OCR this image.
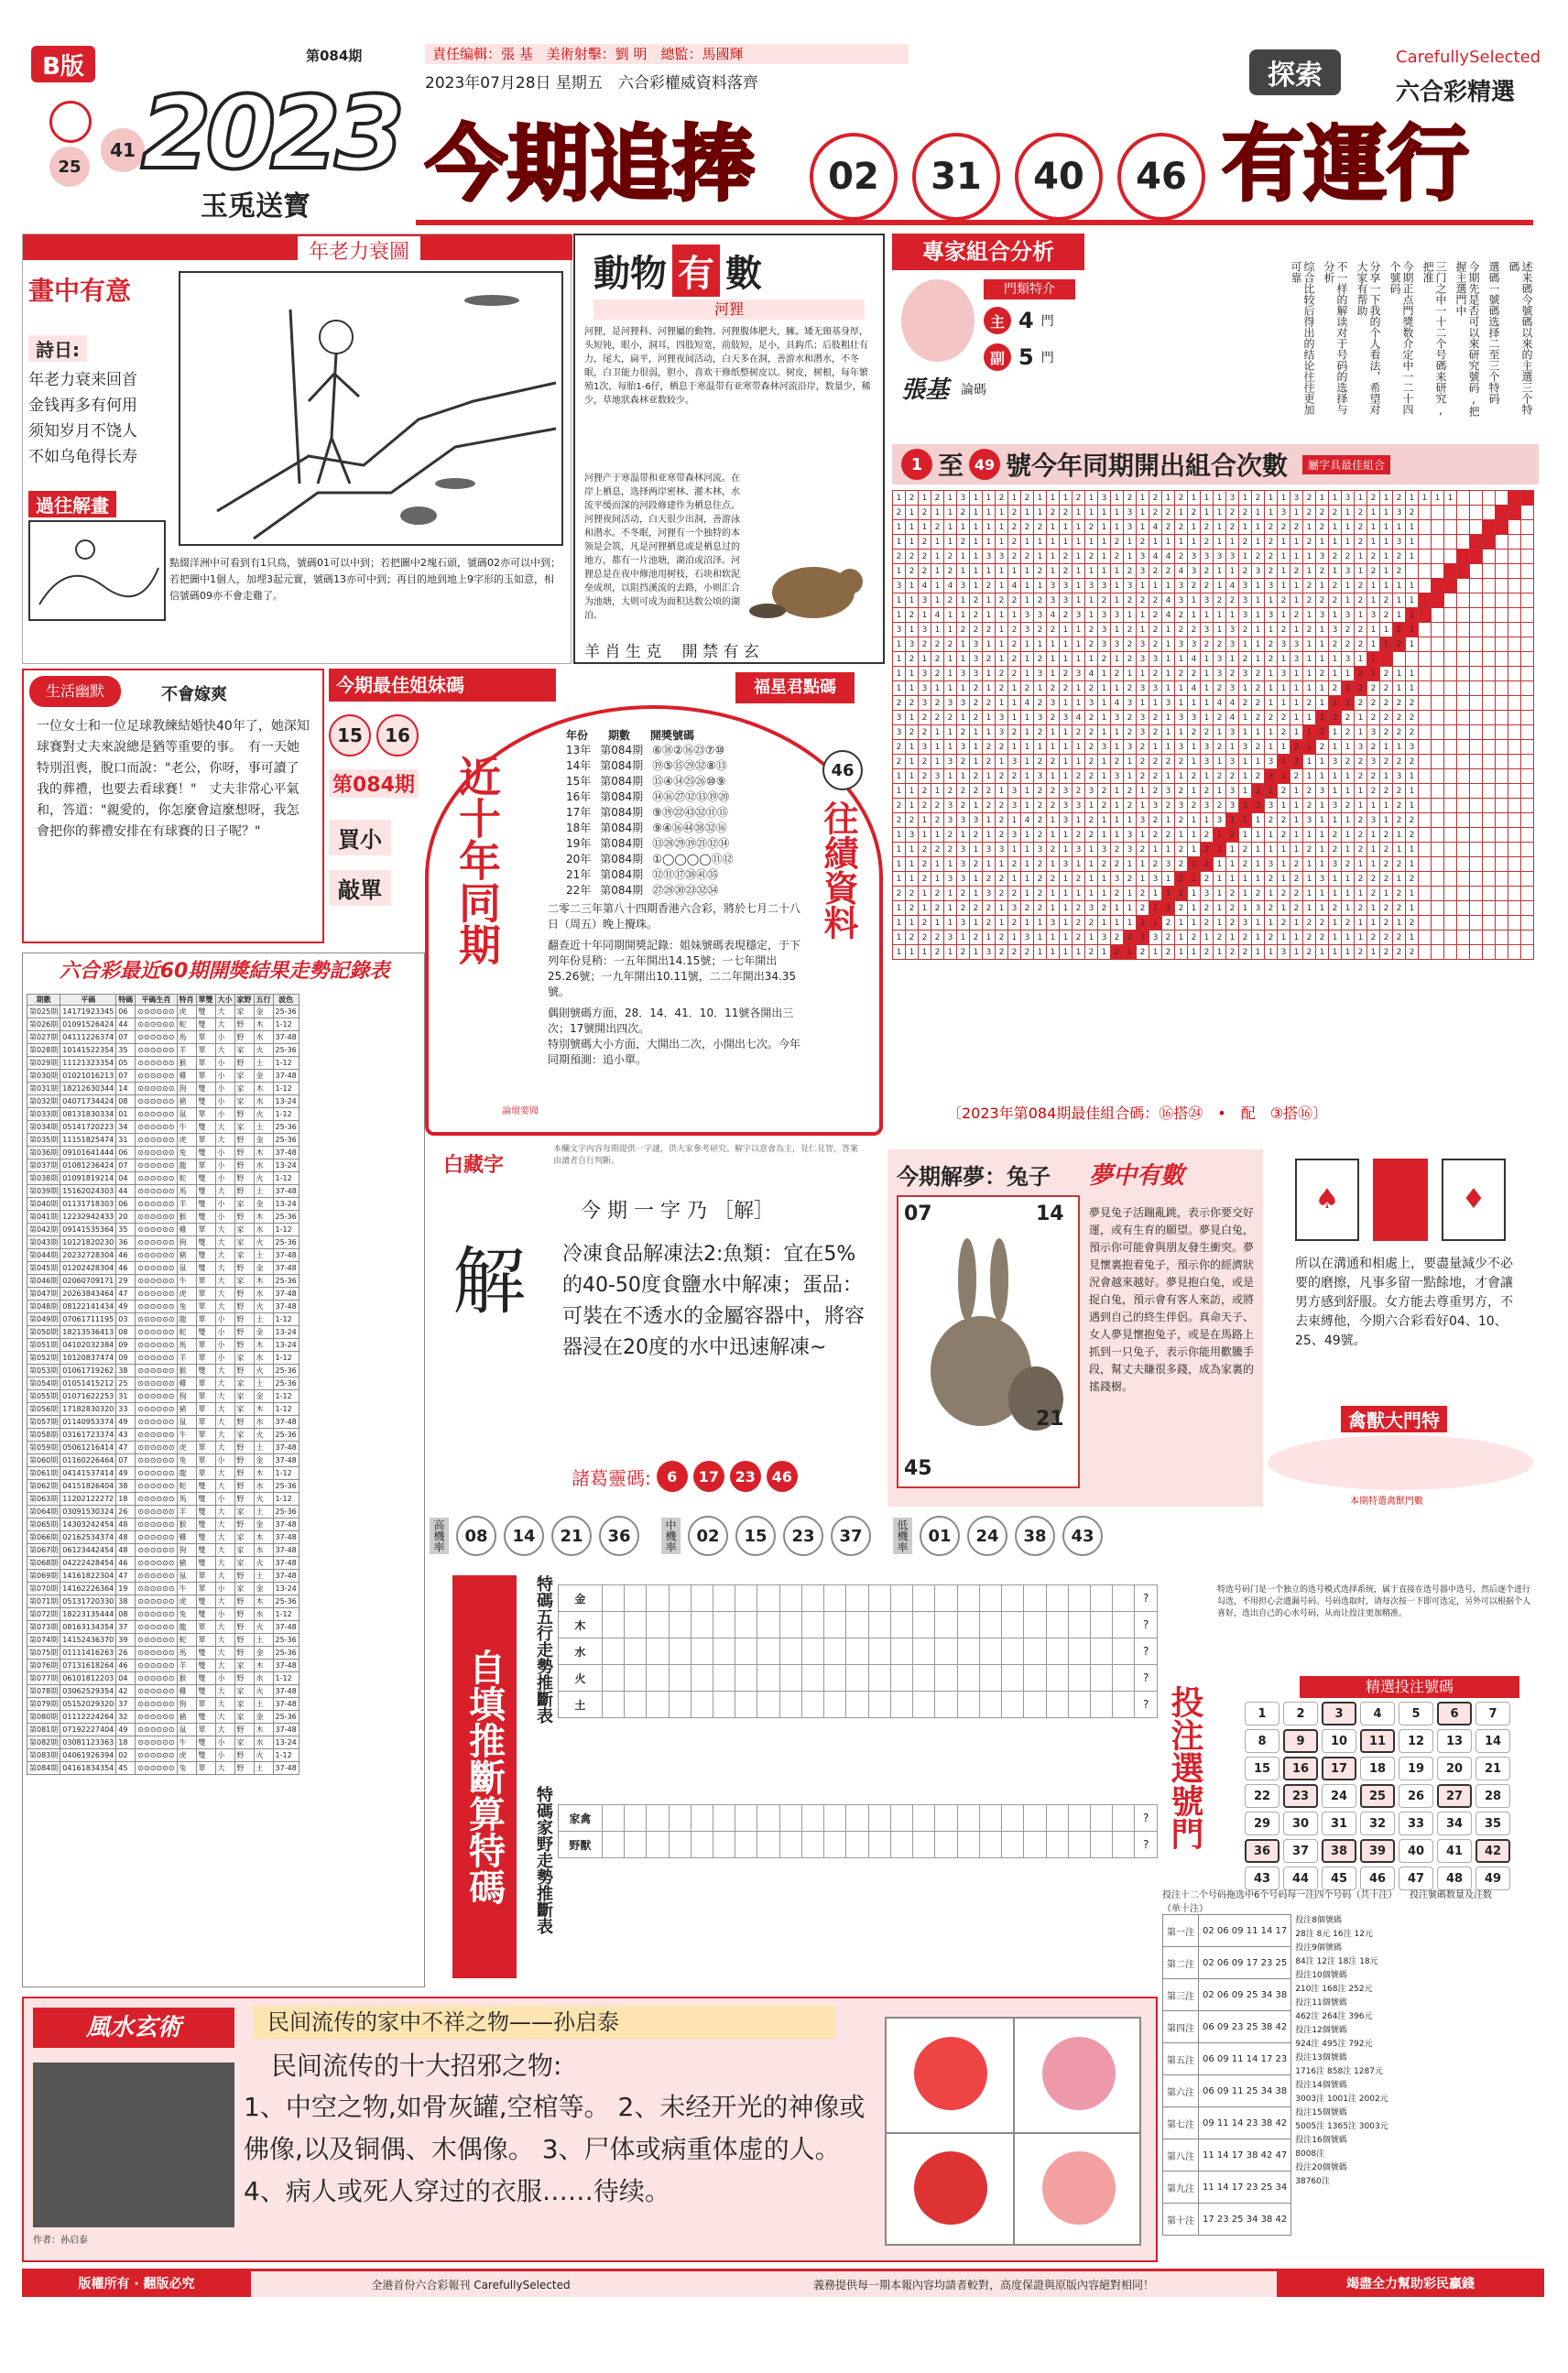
B版	第084期	責任编輯：張 基　美術射擊：劉 明　總監：馬國輝
2023年07月28日 星期五　六合彩權威資料落齊
25
41 2023
玉兎送寳 今期追捧	02	31	40	46 有運行
CarefullySelected
探索
六合彩精選
年老力衰圖
畫中有意
詩日:
年老力衰来回首
金钱再多有何用
须知岁月不饶人
不如乌龟得长寿
過往解畫
點綴洋洲中可看到有1只鳥，號碼01可以中到；若把圖中2塊石頭，號碼02亦可以中到；若把圖中1個人，加埋3起元實，號碼13亦可中到；再目的地到地上9字形的玉如意，相信號碼09亦不會走雞了。
動物 有 數
河狸
河狸，是河狸科、河狸屬的動物。河狸腹体肥大，臃、矮无頸基身厚，头短钝，眼小，洞耳，四肢短宽，前肢短，足小，具鈎爪；后肢粗壮有力，尾大，扁平，河狸夜间活动，白天多在洞，善游水和潜水，不冬眠，白卫能力很弱，胆小，喜欢干修纸整树皮以。树皮，树根，每年繁殖1次，每胎1-6仔，栖息于寒温带有亚寒带森林河流沿岸，数量少，稀少，草地狀森林亚数较少。
河狸产于寒温带和亚寒带森林河流。在岸上栖息，选择两岸密林、灌木林，水流平缓而深的河段修建作为栖息住点。河狸夜间活动，白天很少出洞，善游泳和潜水。不冬眠，河狸有一个独特的本领是会筑，凡是河狸栖息或是栖息过的地方，都有一片池塘，湖泊或沼泽。河狸总是在夜中修池用树枝，石块和软泥垒成坝，以阻挡溪流的去路，小则汇合为池塘，大则可成为面积达数公顷的湖泊。
羊 肖 生 克　 開 禁 有 玄
專家組合分析
張基 論碼
門類特介
主 4 門
副 5 門	述来碼今號碼以來的主選三个特碼
選碼一號碼选择二至三个特码
今期先是否可以來研究號码,把握主選門中
三门之中一十二个号碼来研究,把准
今期正点門獎数介定中一二十四个號码
分享一下我的个人看法，希望对大家有帮助
不一样的解读对于号码的选择与分析
综合比较后得出的结论往往更加可靠
1 至 49 號今年同期開出組合次數	屬字具最佳組合
1	2	1	2	1	3	1	1	2	1	2	1	1	1	2	1	3	1	2	1	2	1	2	1	1	1	3	1	2	1	1	3	2	1	1	3	1	2	1	2	1	1	1	1						
2	1	2	1	1	2	1	1	1	2	1	1	2	2	1	1	1	1	3	1	2	2	1	2	1	1	2	2	1	1	3	1	2	2	2	1	2	1	1	3	2									
1	1	1	2	1	1	1	1	1	2	2	2	1	1	1	2	1	1	3	1	4	2	2	1	2	1	2	1	1	2	2	2	1	2	1	1	2	1	1	1	1									
1	1	2	1	1	2	1	1	1	2	1	1	1	1	1	1	1	2	1	2	1	1	1	1	2	1	1	2	1	2	1	1	2	1	1	1	2	1	1	3	1									
2	2	2	1	2	1	1	3	3	2	2	1	1	2	1	2	1	2	1	3	4	4	2	3	3	3	3	1	2	2	1	1	1	3	2	2	1	2	1	2	1									
1	2	2	1	2	1	1	1	1	1	1	2	1	2	1	1	1	1	2	3	2	2	4	3	2	1	1	2	3	2	1	2	1	2	1	3	1	2	1	2										
3	1	4	1	4	3	1	2	1	4	1	1	3	3	1	3	3	1	3	1	1	1	3	2	2	1	4	3	1	3	1	1	2	1	2	1	2	1	1	1	1									
1	1	3	1	2	1	2	1	2	2	1	2	3	3	1	1	2	1	2	2	2	4	3	1	3	2	2	3	1	1	2	1	2	2	2	1	2	1	2	1	1									
1	2	1	4	1	1	2	1	1	1	3	3	4	2	3	1	3	3	1	1	2	4	2	1	1	1	1	3	1	3	1	2	1	3	1	3	1	3	2	1	1									
3	1	3	1	1	2	2	2	1	2	3	2	2	1	1	2	3	1	2	1	2	1	2	2	3	1	3	2	1	1	2	1	2	1	3	2	2	1	1	2	1									
1	3	2	2	2	1	3	1	1	2	1	1	1	1	1	2	3	3	2	3	2	1	3	3	2	2	3	1	1	2	3	3	1	1	2	2	2	1	1	2	1									
1	2	1	2	1	1	3	2	1	2	1	2	1	1	1	1	2	1	2	3	3	1	1	4	1	3	1	2	1	2	1	3	1	1	1	3	1	1												
1	1	3	2	1	3	3	1	2	2	1	3	1	2	3	4	1	2	1	1	2	1	2	2	1	3	2	3	2	1	3	1	1	2	1	1	2	1	2	1	1									
1	1	3	1	1	1	2	1	2	1	2	1	2	2	1	2	1	1	2	3	3	1	1	4	1	2	3	1	2	1	1	1	1	1	2	1	2	2	2	1	1									
2	2	3	2	3	3	2	2	1	1	4	2	3	1	1	3	1	4	3	1	1	3	1	1	1	4	4	2	2	1	1	1	2	1	1	2	2	2	2	2	2									
3	1	2	2	2	1	2	1	3	1	1	3	2	3	4	2	1	3	2	3	2	1	3	3	1	2	4	1	2	2	2	1	1	1	2	2	1	2	2	2	2									
3	2	2	1	1	2	1	1	3	2	1	2	1	1	2	2	1	1	2	3	2	1	1	2	2	1	3	1	1	1	2	1	1	2	1	2	1	3	2	2	2									
2	1	3	1	1	3	1	2	2	1	1	1	1	1	1	2	3	1	3	2	1	1	3	1	3	2	1	3	2	1	1	2	1	2	1	1	3	2	1	1	3									
2	1	2	1	3	2	1	2	1	3	1	2	2	1	1	2	1	2	1	2	2	2	2	1	3	1	3	1	1	3	1	2	1	1	3	2	2	3	2	2	2									
1	1	2	3	1	1	2	1	2	2	1	3	1	1	2	2	1	3	1	2	2	1	1	2	1	2	2	1	2	3	1	2	1	1	1	1	2	2	1	3	1									
1	1	2	1	2	2	2	2	1	3	1	2	2	3	2	3	2	1	2	1	2	3	2	1	2	1	3	1	2	1	2	1	2	3	1	1	1	2	2	2	1									
2	1	2	2	3	2	1	2	2	3	1	2	2	3	3	1	2	1	2	1	3	2	3	2	3	2	3	3	3	3	1	1	2	1	3	2	1	1	1	2	1									
2	2	1	2	3	3	3	1	2	1	4	2	1	3	1	2	1	1	1	3	2	1	2	1	1	3	1	1	1	2	2	1	3	1	1	1	2	3	1	2	2									
1	3	1	1	2	1	2	1	2	3	1	2	1	1	2	2	1	1	3	1	2	2	1	1	2	1	2	1	1	1	2	1	1	1	2	1	2	1	2	1	2									
1	1	2	2	2	3	1	3	3	1	1	3	2	1	3	1	3	2	3	2	1	1	2	1	2	1	1	2	1	1	1	1	2	1	2	1	2	1	2	1	1									
1	1	2	1	1	3	2	1	1	2	1	2	1	3	1	1	2	2	1	1	2	3	2	1	2	1	1	2	1	3	1	2	1	1	3	2	1	1	2	2	1									
1	1	2	1	3	3	1	2	2	1	1	2	2	1	2	1	1	3	2	1	3	1	2	1	2	1	1	1	1	2	1	2	1	3	1	1	2	2	2	1	2									
2	2	1	2	1	2	1	3	2	2	1	2	1	1	1	1	1	2	1	2	1	1	2	1	3	1	2	1	2	1	2	2	1	1	1	1	1	2	1	2	1									
1	2	1	2	1	2	2	2	1	3	2	2	1	1	2	3	2	1	1	2	1	3	2	1	2	1	2	1	3	2	1	2	1	1	2	1	2	1	2	2	1									
1	1	2	1	1	3	1	2	1	2	1	1	3	1	2	2	1	1	1	2	1	2	1	1	2	1	2	3	1	1	2	1	2	2	1	2	1	1	2	1	2									
1	2	2	2	3	1	2	1	2	1	3	1	1	1	2	1	3	2	2	3	3	2	1	2	1	2	1	2	1	2	1	1	2	2	1	1	1	2	2	2	1									
1	1	1	2	1	2	1	3	2	2	2	1	1	1	1	2	1	2	1	2	1	2	1	1	2	1	2	2	1	1	3	1	2	1	1	1	2	1	2	2	2									
〔2023年第084期最佳組合碼：⑯搭㉔　•　配　③搭⑯〕
生活幽默	不會嫁爽
一位女士和一位足球教練結婚快40年了，她深知球賽對丈夫來說總是猶等重要的事。　有一天她特別沮喪，脫口而說："老公，你呀，事可讀了我的葬禮，也要去看球賽！"　丈夫非常心平氣和，答道："親愛的，你怎麼會這麼想呀，我怎會把你的葬禮安排在有球賽的日子呢？"
今期最佳姐妹碼
15	16
第084期
買小
敲單 近十年同期
年份 期數 開獎號碼
13年 第084期 ⑥⑱②⑯㉓⑦⑩
14年 第084期 ⑲⑤⑮㉙㉜⑧⑬
15年 第084期 ⑮④⑭㉕㉖⑩⑨
16年 第084期 ⑭⑯㉗⑫⑬⑲⑳
17年 第084期 ⑨⑲㉒㊸㉜⑪⑮
18年 第084期 ⑨④⑯㊹㊳㉜⑯
19年 第084期 ⑬㉘㉙⑲㉑⑫⑭
20年 第084期 ①◯◯◯◯⑪⑫
21年 第084期 ⑫⑪⑰㊳㊶㉟
22年 第084期 ㉗㉘㉚㉓㉜㉞
福星君點碼
46
往績資料
二零二三年第八十四期香港六合彩，將於七月二十八日（周五）晚上攪珠。
翻查近十年同期開獎記錄：姐妹號碼表現穩定，于下列年份見稍：一五年開出14.15號；一七年開出25.26號；一九年開出10.11號，二二年開出34.35號。
偶則號碼方面，28．14．41．10．11號各開出三次；17號開出四次。
特別號碼大小方面，大開出二次，小開出七次。今年同期預測：追小單。
論壇要聞
六合彩最近60期開獎結果走勢記錄表
期數	平碼	特碼	平碼生肖	特肖	單雙	大小	家野	五行	波色
第025期	14171923345	06	⊙⊙⊙⊙⊙⊙	虎	雙	大	家	金	25-36
第026期	01091526424	44	⊙⊙⊙⊙⊙⊙	蛇	雙	大	野	木	1-12
第027期	04111226374	07	⊙⊙⊙⊙⊙⊙	馬	單	小	野	水	37-48
第028期	10141522354	35	⊙⊙⊙⊙⊙⊙	羊	單	大	家	火	25-36
第029期	11121323354	05	⊙⊙⊙⊙⊙⊙	猴	單	小	野	土	1-12
第030期	01021016213	07	⊙⊙⊙⊙⊙⊙	雞	單	小	家	金	37-48
第031期	18212630344	14	⊙⊙⊙⊙⊙⊙	狗	雙	小	家	木	1-12
第032期	04071734424	08	⊙⊙⊙⊙⊙⊙	豬	雙	小	家	水	13-24
第033期	08131830334	01	⊙⊙⊙⊙⊙⊙	鼠	單	小	野	火	1-12
第034期	05141720223	34	⊙⊙⊙⊙⊙⊙	牛	雙	大	家	土	25-36
第035期	11151825474	31	⊙⊙⊙⊙⊙⊙	虎	單	大	野	金	25-36
第036期	09101641444	06	⊙⊙⊙⊙⊙⊙	兔	雙	小	野	木	37-48
第037期	01081236424	07	⊙⊙⊙⊙⊙⊙	龍	單	小	野	水	13-24
第038期	01091819214	04	⊙⊙⊙⊙⊙⊙	蛇	雙	小	野	火	1-12
第039期	15162024303	44	⊙⊙⊙⊙⊙⊙	馬	雙	大	野	土	37-48
第040期	01131718303	06	⊙⊙⊙⊙⊙⊙	羊	雙	小	家	金	13-24
第041期	12232942433	20	⊙⊙⊙⊙⊙⊙	猴	雙	小	野	木	25-36
第042期	09141535364	35	⊙⊙⊙⊙⊙⊙	雞	單	大	家	水	1-12
第043期	10121820230	36	⊙⊙⊙⊙⊙⊙	狗	雙	大	家	火	25-36
第044期	20232728304	46	⊙⊙⊙⊙⊙⊙	豬	雙	大	家	土	37-48
第045期	01202428304	46	⊙⊙⊙⊙⊙⊙	鼠	雙	大	野	金	37-48
第046期	02060709171	29	⊙⊙⊙⊙⊙⊙	牛	單	大	家	木	25-36
第047期	20263843464	47	⊙⊙⊙⊙⊙⊙	虎	單	大	野	水	37-48
第048期	08122141434	49	⊙⊙⊙⊙⊙⊙	兔	單	大	野	火	37-48
第049期	07061711195	03	⊙⊙⊙⊙⊙⊙	龍	單	小	野	土	1-12
第050期	18213536413	08	⊙⊙⊙⊙⊙⊙	蛇	雙	小	野	金	13-24
第051期	04102032384	09	⊙⊙⊙⊙⊙⊙	馬	單	小	野	木	13-24
第052期	10120837474	09	⊙⊙⊙⊙⊙⊙	羊	單	小	家	水	1-12
第053期	01061719262	38	⊙⊙⊙⊙⊙⊙	猴	雙	大	野	火	25-36
第054期	01051415212	25	⊙⊙⊙⊙⊙⊙	雞	單	大	家	土	25-36
第055期	01071622253	31	⊙⊙⊙⊙⊙⊙	狗	單	大	家	金	1-12
第056期	17182830320	33	⊙⊙⊙⊙⊙⊙	豬	單	大	家	木	1-12
第057期	01140953374	49	⊙⊙⊙⊙⊙⊙	鼠	單	大	野	水	37-48
第058期	03161723374	43	⊙⊙⊙⊙⊙⊙	牛	單	大	家	火	25-36
第059期	05061216414	47	⊙⊙⊙⊙⊙⊙	虎	單	大	野	土	37-48
第060期	01160226464	07	⊙⊙⊙⊙⊙⊙	兔	單	小	野	金	37-48
第061期	04141537414	49	⊙⊙⊙⊙⊙⊙	龍	單	大	野	木	1-12
第062期	04151826404	38	⊙⊙⊙⊙⊙⊙	蛇	雙	大	野	水	25-36
第063期	11202122272	18	⊙⊙⊙⊙⊙⊙	馬	雙	小	野	火	1-12
第064期	03091530324	26	⊙⊙⊙⊙⊙⊙	羊	雙	大	家	土	25-36
第065期	14303242454	48	⊙⊙⊙⊙⊙⊙	猴	雙	大	野	金	37-48
第066期	02162534374	48	⊙⊙⊙⊙⊙⊙	雞	雙	大	家	木	37-48
第067期	06123442454	48	⊙⊙⊙⊙⊙⊙	狗	雙	大	家	水	37-48
第068期	04222428454	46	⊙⊙⊙⊙⊙⊙	豬	雙	大	家	火	37-48
第069期	14161822304	47	⊙⊙⊙⊙⊙⊙	鼠	單	大	野	土	37-48
第070期	14162226364	19	⊙⊙⊙⊙⊙⊙	牛	單	小	家	金	13-24
第071期	05131720330	38	⊙⊙⊙⊙⊙⊙	虎	雙	大	野	木	25-36
第072期	18223135444	08	⊙⊙⊙⊙⊙⊙	兔	雙	小	野	水	1-12
第073期	08163134354	37	⊙⊙⊙⊙⊙⊙	龍	單	大	野	火	37-48
第074期	14152436370	39	⊙⊙⊙⊙⊙⊙	蛇	單	大	野	土	25-36
第075期	01111416263	26	⊙⊙⊙⊙⊙⊙	馬	雙	大	野	金	25-36
第076期	07131618264	46	⊙⊙⊙⊙⊙⊙	羊	雙	大	家	木	37-48
第077期	06101812203	04	⊙⊙⊙⊙⊙⊙	猴	雙	小	野	水	1-12
第078期	03062529354	42	⊙⊙⊙⊙⊙⊙	雞	雙	大	家	火	37-48
第079期	05152029320	37	⊙⊙⊙⊙⊙⊙	狗	單	大	家	土	37-48
第080期	01112224264	32	⊙⊙⊙⊙⊙⊙	豬	雙	大	家	金	25-36
第081期	07192227404	49	⊙⊙⊙⊙⊙⊙	鼠	單	大	野	木	37-48
第082期	03081123363	18	⊙⊙⊙⊙⊙⊙	牛	雙	小	家	水	13-24
第083期	04061926394	02	⊙⊙⊙⊙⊙⊙	虎	雙	小	野	火	1-12
第084期	04161834354	45	⊙⊙⊙⊙⊙⊙	兔	單	大	野	土	37-48
白藏字
本欄文字內容每期提供一字謎，供大家參考研究。解字以意會為主，見仁見智，答案由讀者自行判斷。
今 期 一 字 乃 ［解］
解 冷凍食品解凍法2:魚類：宜在5%的40-50度食鹽水中解凍；蛋品：可裝在不透水的金屬容器中，將容器浸在20度的水中迅速解凍~
諸葛靈碼:	6	17	23	46
今期解夢：兔子 夢中有數
07	14
21
45
夢見兔子活蹦亂跳，表示你要交好運，或有生育的願望。夢見白兔，預示你可能會與朋友發生衝突。夢見懷裏抱着兔子，預示你的經濟狀況會越來越好。夢見抱白兔，或是捉白兔，預示會有客人來訪，或將遇到自己的終生伴侶。真命天子、女人夢見懷抱兔子，或是在馬路上抓到一只兔子，表示你能用歡騰手段，幫丈夫賺很多錢，成為家裏的搖錢樹。
♠	♦
所以在溝通和相處上，要盡量減少不必要的磨擦，凡事多留一點餘地，才會讓男方感到舒服。女方能去尊重男方，不去束縛他，今期六合彩看好04、10、25、49號。
禽獸大門特
本期特選禽獸門數
高機率	08	14	21	36	中機率	02	15	23	37	低機率	01	24	38	43
自填推斷算特碼	特碼五行走勢推斷表 金																									?
木																									?
水																									?
火																									?
土																									?
特碼家野走勢推斷表 家禽																									?
野獸																									?
風水玄術
作者：孙启泰
民间流传的家中不祥之物——孙启泰
民间流传的十大招邪之物:
1、中空之物,如骨灰罐,空棺等。 2、未经开光的神像或佛像,以及铜偶、木偶像。 3、尸体或病重体虚的人。 4、病人或死人穿过的衣服……待续。
特选号码门是一个独立的选号模式选择系统，属于直接在选号器中选号，然后逐个进行勾选，不用担心会遗漏号码。号码选取时，请每次按一下即可选定，另外可以根据个人喜好，选出自己的心水号码，从而让投注更加精准。
投注選號門	精選投注號碼
1	2	3	4	5	6	7
8	9	10	11	12	13	14
15	16	17	18	19	20	21
22	23	24	25	26	27	28
29	30	31	32	33	34	35
36	37	38	39	40	41	42
43	44	45	46	47	48	49
投注十二个号码（单十注）
拖选中6个号码每一注四个号码（共十注）	投注號碼数量及注数
第一注	02 06 09 11 14 17
第二注	02 06 09 17 23 25
第三注	02 06 09 25 34 38
第四注	06 09 23 25 38 42
第五注	06 09 11 14 17 23
第六注	06 09 11 25 34 38
第七注	09 11 14 23 38 42
第八注	11 14 17 38 42 47
第九注	11 14 17 23 25 34
第十注	17 23 25 34 38 42
投注8個號碼
28注 8元 16注 12元
投注9個號碼
84注 12注 18注 18元
投注10個號碼
210注 168注 252元
投注11個號碼
462注 264注 396元
投注12個號碼
924注 495注 792元
投注13個號碼
1716注 858注 1287元
投注14個號碼
3003注 1001注 2002元
投注15個號碼
5005注 1365注 3003元
投注16個號碼
8008注
投注20個號碼
38760注
版權所有 · 翻版必究	全港首份六合彩報刊 CarefullySelected	義務提供每一期本報內容均請者較對，高度保證與原版內容絕對相同！	竭盡全力幫助彩民贏錢
